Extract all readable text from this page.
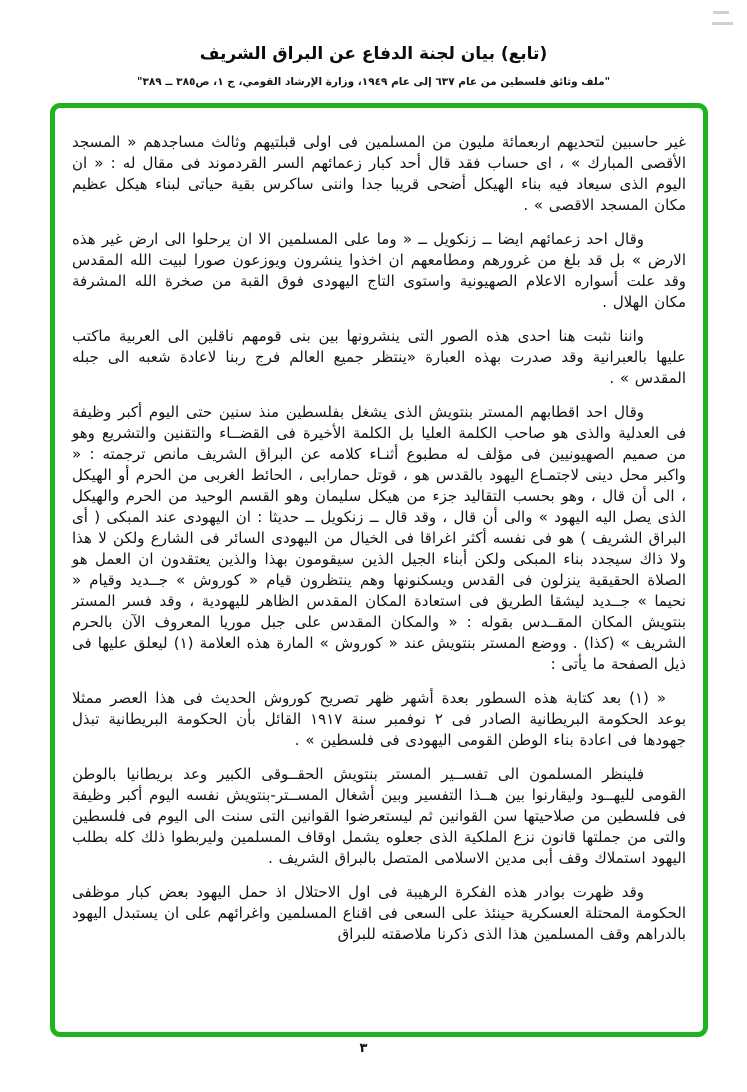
(تابع) بيان لجنة الدفاع عن البراق الشريف
"ملف وثائق فلسطين من عام ٦٣٧ إلى عام ١٩٤٩، وزارة الإرشاد القومي، ج ١، ص٣٨٥ ــ ٣٨٩"

غير حاسبين لتحديهم اربعمائة مليون من المسلمين فى اولى قبلتيهم وثالث مساجدهم « المسجد الأقصى المبارك » ، اى حساب فقد قال أحد كبار زعمائهم السر القردموند فى مقال له : « ان اليوم الذى سيعاد فيه بناء الهيكل أضحى قريبا جدا واننى ساكرس بقية حياتى لبناء هيكل عظيم مكان المسجد الاقصى » .

وقال احد زعمائهم ايضا ــ زنكويل ــ « وما على المسلمين الا ان يرحلوا الى ارض غير هذه الارض » بل قد بلغ من غرورهم ومطامعهم ان اخذوا ينشرون ويوزعون صورا لبيت الله المقدس وقد علت أسواره الاعلام الصهيونية واستوى التاج اليهودى فوق القبة من صخرة الله المشرفة مكان الهلال .

واننا نثبت هنا احدى هذه الصور التى ينشرونها بين بنى قومهم ناقلين الى العربية ماكتب عليها بالعبرانية وقد صدرت بهذه العبارة «ينتظر جميع العالم فرج ربنا لاعادة شعبه الى جبله المقدس » .

وقال احد اقطابهم المستر بنتويش الذى يشغل بفلسطين منذ سنين حتى اليوم أكبر وظيفة فى العدلية والذى هو صاحب الكلمة العليا بل الكلمة الأخيرة فى القضــاء والتقنين والتشريع وهو من صميم الصهيونيين فى مؤلف له مطبوع أثنـاء كلامه عن البراق الشريف مانص ترجمته : « واكبر محل دينى لاجتمـاع اليهود بالقدس هو ، قوتل حمارابى ، الحائط الغربى من الحرم أو الهيكل ، الى أن قال ، وهو بحسب التقاليد جزء من هيكل سليمان وهو القسم الوحيد من الحرم والهيكل الذى يصل اليه اليهود » والى أن قال ، وقد قال ــ زنكويل ــ حديثا : ان اليهودى عند المبكى ( أى البراق الشريف ) هو فى نفسه أكثر اغراقا فى الخيال من اليهودى السائر فى الشارع ولكن لا هذا ولا ذاك سيجدد بناء المبكى ولكن أبناء الجيل الذين سيقومون بهذا والذين يعتقدون ان العمل هو الصلاة الحقيقية ينزلون فى القدس ويسكنونها وهم ينتظرون قيام « كوروش » جــديد وقيام « نحيما » جــديد ليشقا الطريق فى استعادة المكان المقدس الظاهر لليهودية ، وقد فسر المستر بنتويش المكان المقــدس بقوله : « والمكان المقدس على جبل موريا المعروف الآن بالحرم الشريف » (كذا) . ووضع المستر بنتويش عند « كوروش » المارة هذه العلامة (١) ليعلق عليها فى ذيل الصفحة ما يأتى :

« (١) بعد كتابة هذه السطور بعدة أشهر ظهر تصريح كوروش الحديث فى هذا العصر ممثلا بوعد الحكومة البريطانية الصادر فى ٢ نوفمبر سنة ١٩١٧ القائل بأن الحكومة البريطانية تبذل جهودها فى اعادة بناء الوطن القومى اليهودى فى فلسطين » .

فلينظر المسلمون الى تفســير المستر بنتويش الحقــوقى الكبير وعد بريطانيا بالوطن القومى لليهــود وليقارنوا بين هــذا التفسير وبين أشغال المســتر-بنتويش نفسه اليوم أكبر وظيفة فى فلسطين من صلاحيتها سن القوانين ثم ليستعرضوا القوانين التى سنت الى اليوم فى فلسطين والتى من جملتها قانون نزع الملكية الذى جعلوه يشمل اوقاف المسلمين وليربطوا ذلك كله بطلب اليهود استملاك وقف أبى مدين الاسلامى المتصل بالبراق الشريف .

وقد ظهرت بوادر هذه الفكرة الرهيبة فى اول الاحتلال اذ حمل اليهود بعض كبار موظفى الحكومة المحتلة العسكرية حينئذ على السعى فى اقناع المسلمين واغرائهم على ان يستبدل اليهود بالدراهم وقف المسلمين هذا الذى ذكرنا ملاصقته للبراق

٣
